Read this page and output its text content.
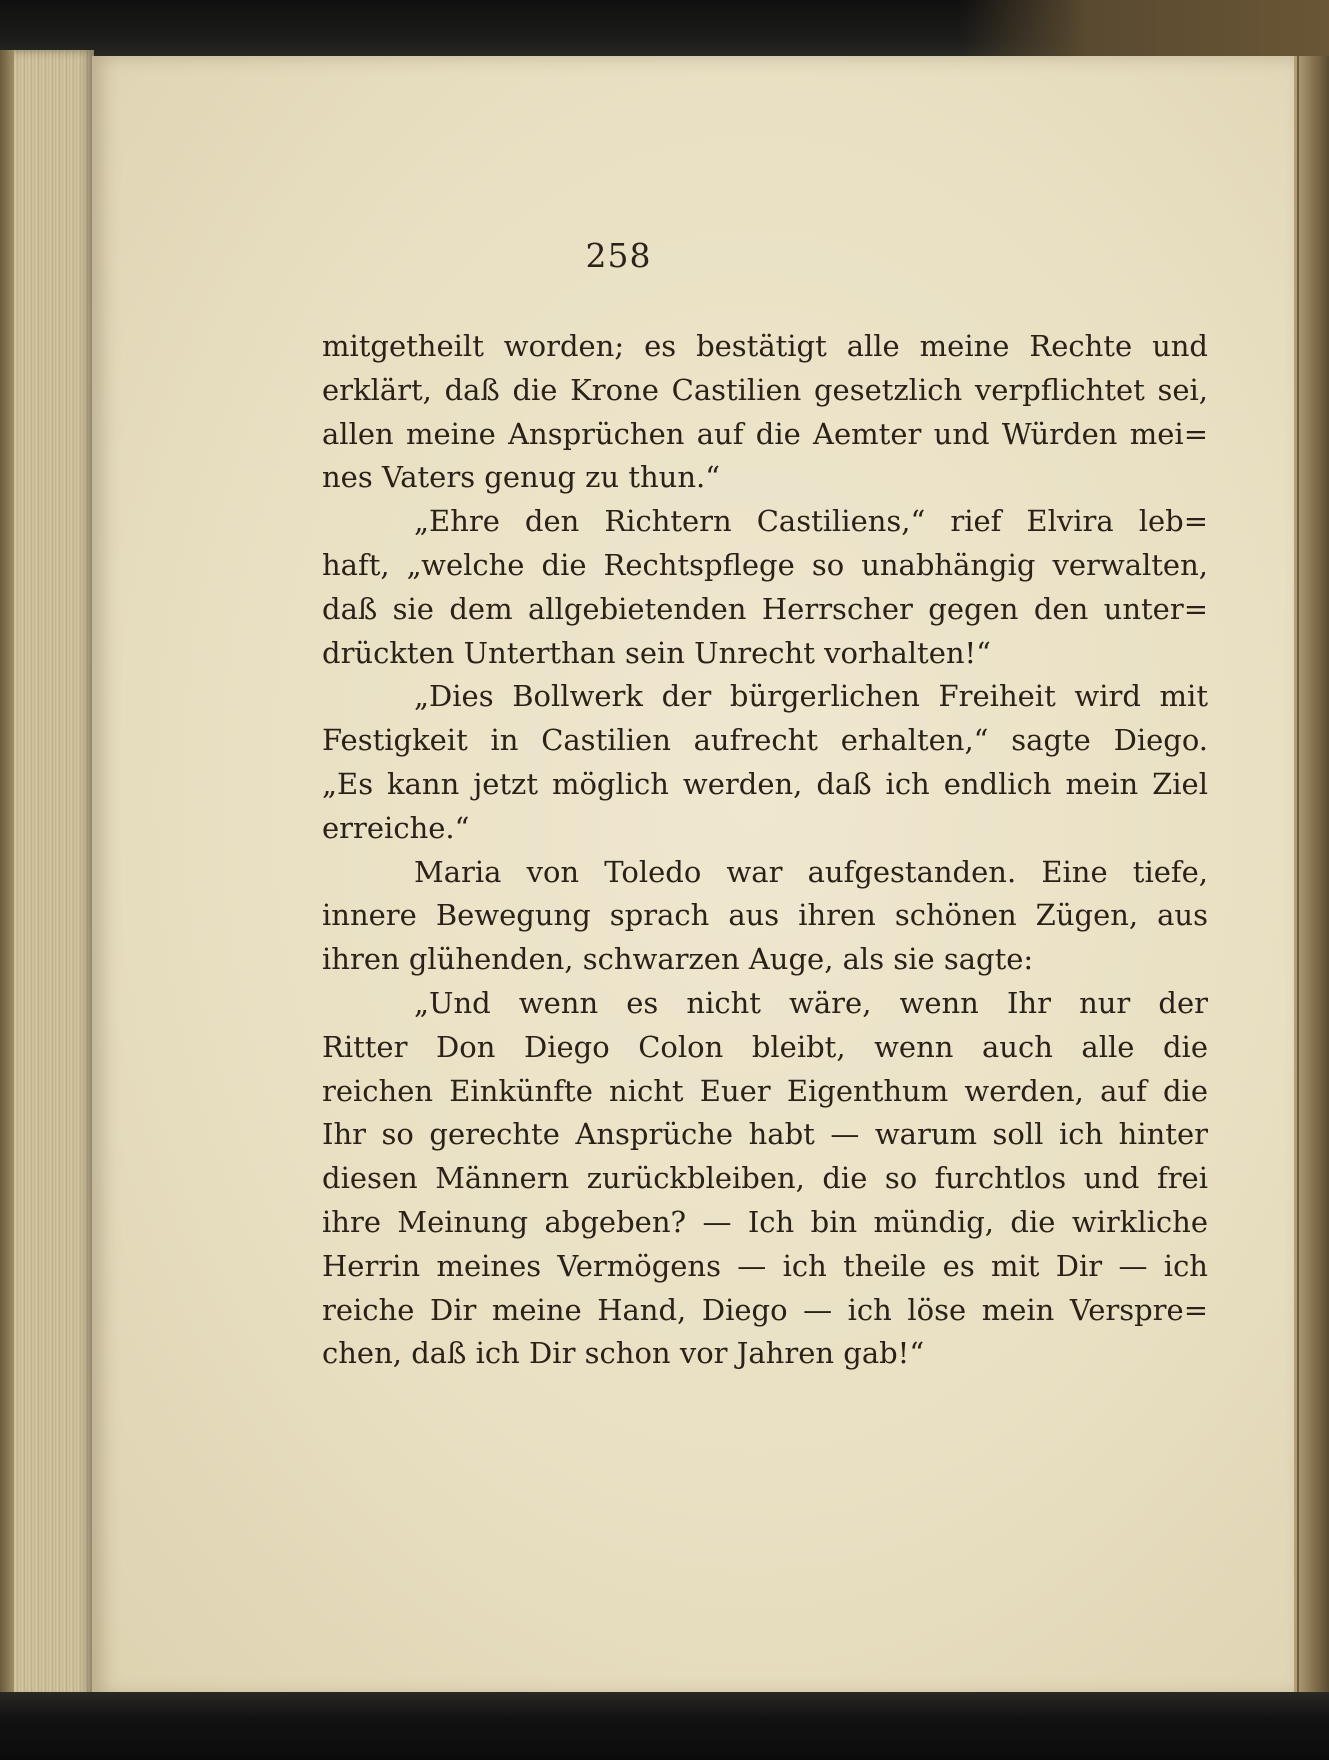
258
mitgetheilt worden; es bestätigt alle meine Rechte und
erklärt, daß die Krone Castilien gesetzlich verpflichtet sei,
allen meine Ansprüchen auf die Aemter und Würden mei=
nes Vaters genug zu thun.“
„Ehre den Richtern Castiliens,“ rief Elvira leb=
haft, „welche die Rechtspflege so unabhängig verwalten,
daß sie dem allgebietenden Herrscher gegen den unter=
drückten Unterthan sein Unrecht vorhalten!“
„Dies Bollwerk der bürgerlichen Freiheit wird mit
Festigkeit in Castilien aufrecht erhalten,“ sagte Diego.
„Es kann jetzt möglich werden, daß ich endlich mein Ziel
erreiche.“
Maria von Toledo war aufgestanden. Eine tiefe,
innere Bewegung sprach aus ihren schönen Zügen, aus
ihren glühenden, schwarzen Auge, als sie sagte:
„Und wenn es nicht wäre, wenn Ihr nur der
Ritter Don Diego Colon bleibt, wenn auch alle die
reichen Einkünfte nicht Euer Eigenthum werden, auf die
Ihr so gerechte Ansprüche habt — warum soll ich hinter
diesen Männern zurückbleiben, die so furchtlos und frei
ihre Meinung abgeben? — Ich bin mündig, die wirkliche
Herrin meines Vermögens — ich theile es mit Dir — ich
reiche Dir meine Hand, Diego — ich löse mein Verspre=
chen, daß ich Dir schon vor Jahren gab!“
